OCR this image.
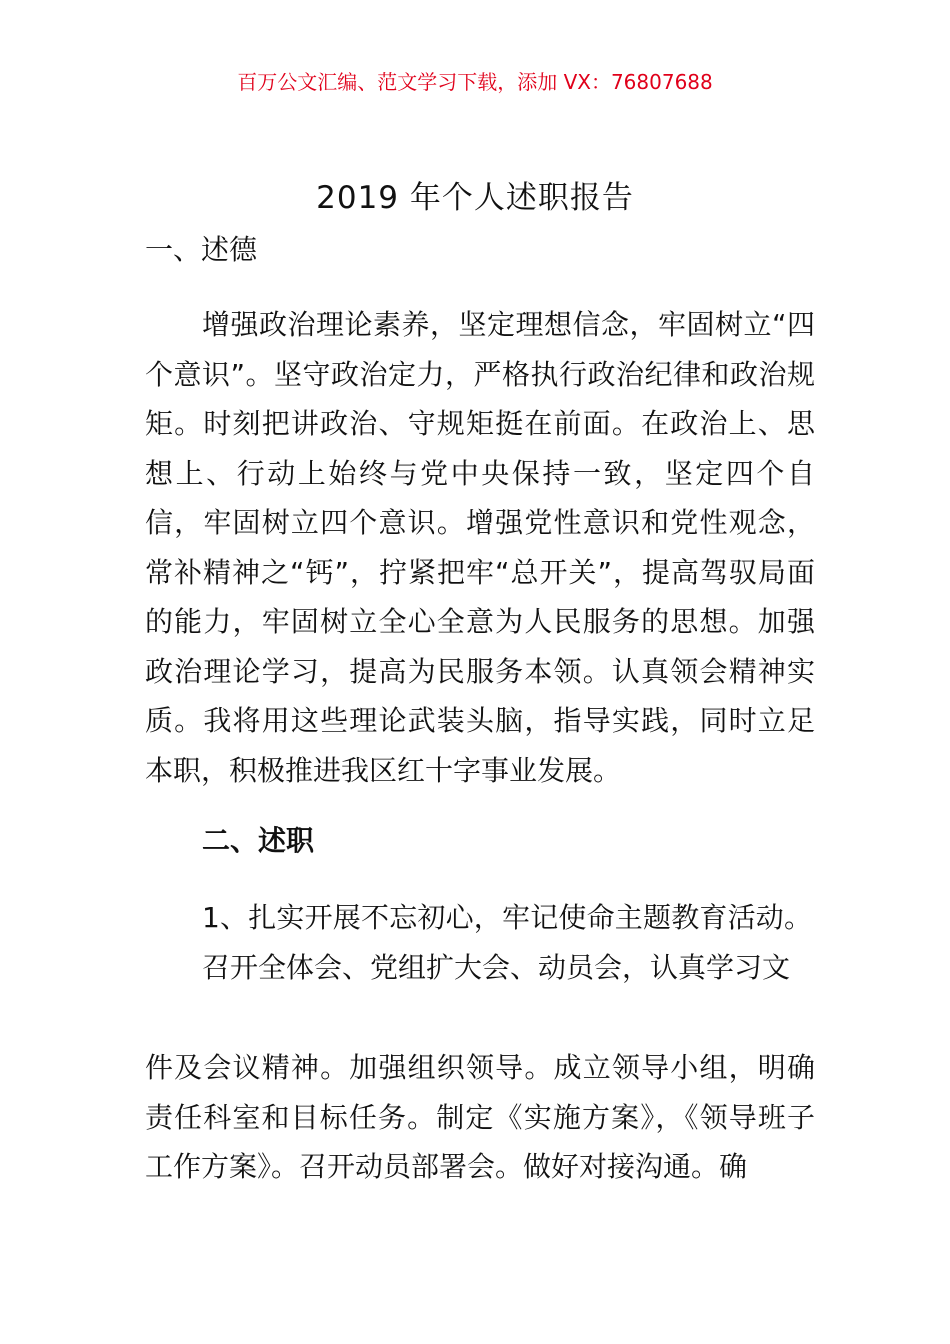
百万公文汇编、范文学习下载，添加 VX：76807688
2019 年个人述职报告
一、述德

增强政治理论素养，坚定理想信念，牢固树立“四个意识”。坚守政治定力，严格执行政治纪律和政治规矩。时刻把讲政治、守规矩挺在前面。在政治上、思想上、行动上始终与党中央保持一致，坚定四个自信，牢固树立四个意识。增强党性意识和党性观念，常补精神之“钙”，拧紧把牢“总开关”，提高驾驭局面的能力，牢固树立全心全意为人民服务的思想。加强政治理论学习，提高为民服务本领。认真领会精神实质。我将用这些理论武装头脑，指导实践，同时立足本职，积极推进我区红十字事业发展。

二、述职

1、扎实开展不忘初心，牢记使命主题教育活动。召开全体会、党组扩大会、动员会，认真学习文

件及会议精神。加强组织领导。成立领导小组，明确责任科室和目标任务。制定《实施方案》，《领导班子工作方案》。召开动员部署会。做好对接沟通。确
